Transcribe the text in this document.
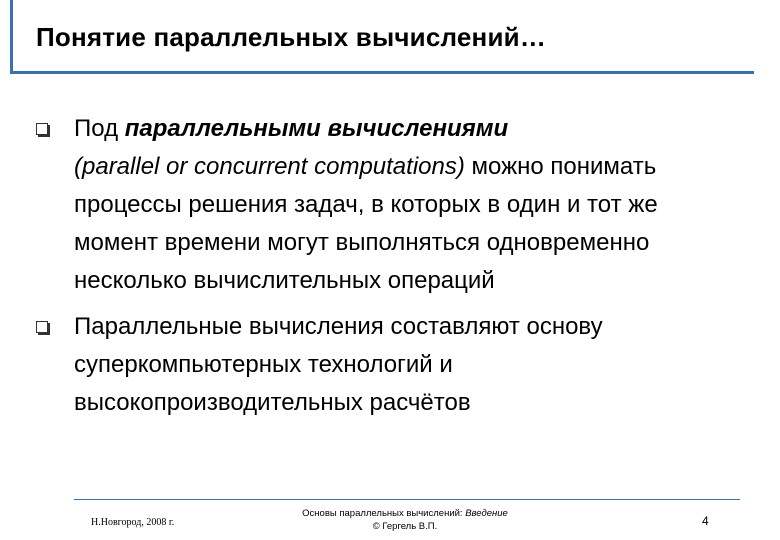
Понятие параллельных вычислений…
Под параллельными вычислениями
(parallel or concurrent computations) можно понимать процессы решения задач, в которых в один и тот же момент времени могут выполняться одновременно несколько вычислительных операций
Параллельные вычисления составляют основу суперкомпьютерных технологий и высокопроизводительных расчётов
Н.Новгород, 2008 г.
Основы параллельных вычислений: Введение
© Гергель В.П.	4
